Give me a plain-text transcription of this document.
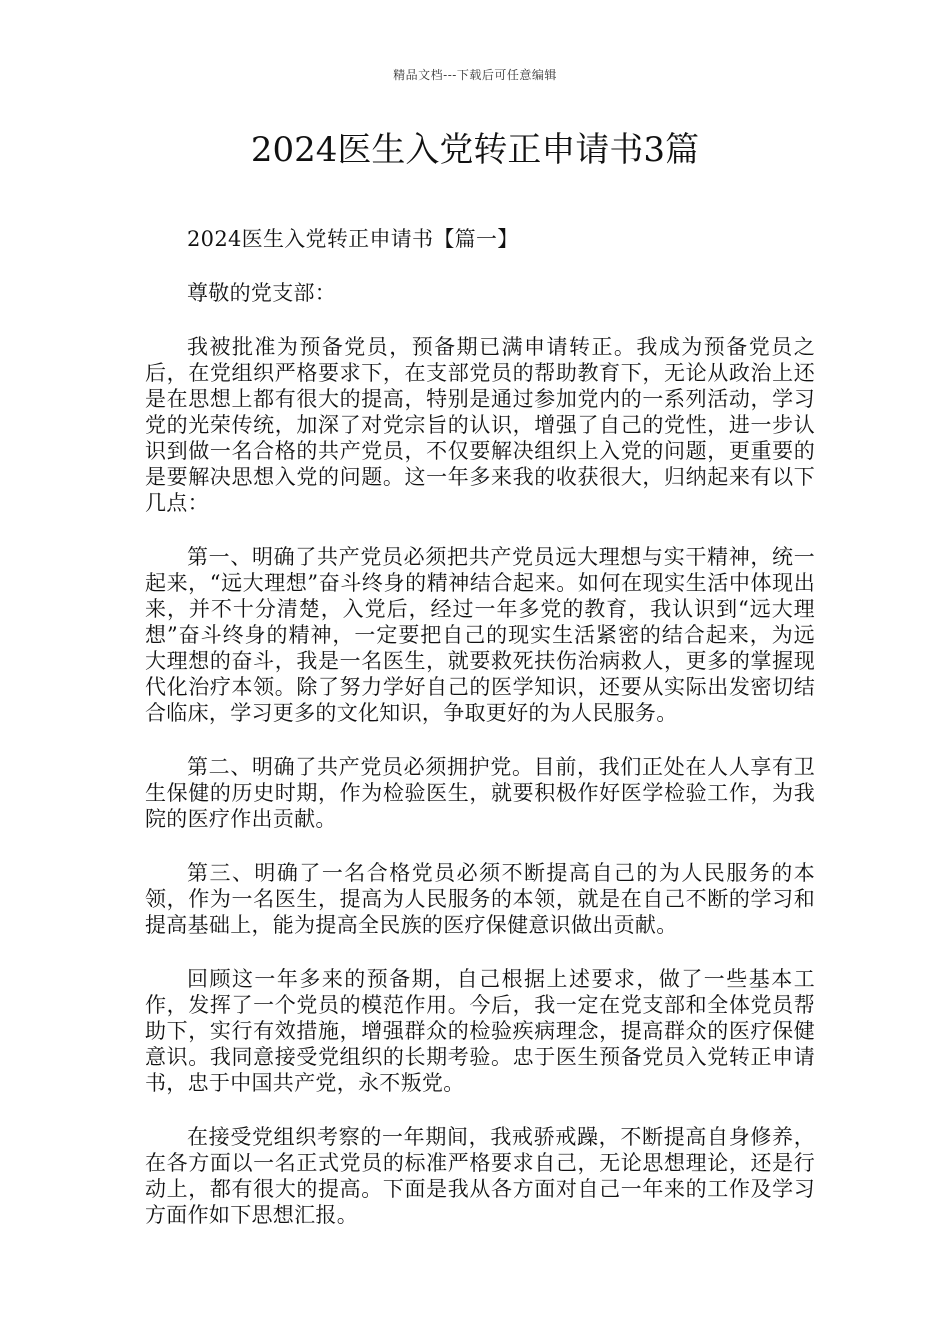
精品文档---下载后可任意编辑
2024医生入党转正申请书3篇

2024医生入党转正申请书【篇一】

尊敬的党支部：

我被批准为预备党员，预备期已满申请转正。我成为预备党员之后，在党组织严格要求下，在支部党员的帮助教育下，无论从政治上还是在思想上都有很大的提高，特别是通过参加党内的一系列活动，学习党的光荣传统，加深了对党宗旨的认识，增强了自己的党性，进一步认识到做一名合格的共产党员，不仅要解决组织上入党的问题，更重要的是要解决思想入党的问题。这一年多来我的收获很大，归纳起来有以下几点：

第一、明确了共产党员必须把共产党员远大理想与实干精神，统一起来，“远大理想”奋斗终身的精神结合起来。如何在现实生活中体现出来，并不十分清楚，入党后，经过一年多党的教育，我认识到“远大理想”奋斗终身的精神，一定要把自己的现实生活紧密的结合起来，为远大理想的奋斗，我是一名医生，就要救死扶伤治病救人，更多的掌握现代化治疗本领。除了努力学好自己的医学知识，还要从实际出发密切结合临床，学习更多的文化知识，争取更好的为人民服务。

第二、明确了共产党员必须拥护党。目前，我们正处在人人享有卫生保健的历史时期，作为检验医生，就要积极作好医学检验工作，为我院的医疗作出贡献。

第三、明确了一名合格党员必须不断提高自己的为人民服务的本领，作为一名医生，提高为人民服务的本领，就是在自己不断的学习和提高基础上，能为提高全民族的医疗保健意识做出贡献。

回顾这一年多来的预备期，自己根据上述要求，做了一些基本工作，发挥了一个党员的模范作用。今后，我一定在党支部和全体党员帮助下，实行有效措施，增强群众的检验疾病理念，提高群众的医疗保健意识。我同意接受党组织的长期考验。忠于医生预备党员入党转正申请书，忠于中国共产党，永不叛党。

在接受党组织考察的一年期间，我戒骄戒躁，不断提高自身修养，在各方面以一名正式党员的标准严格要求自己，无论思想理论，还是行动上，都有很大的提高。下面是我从各方面对自己一年来的工作及学习方面作如下思想汇报。
